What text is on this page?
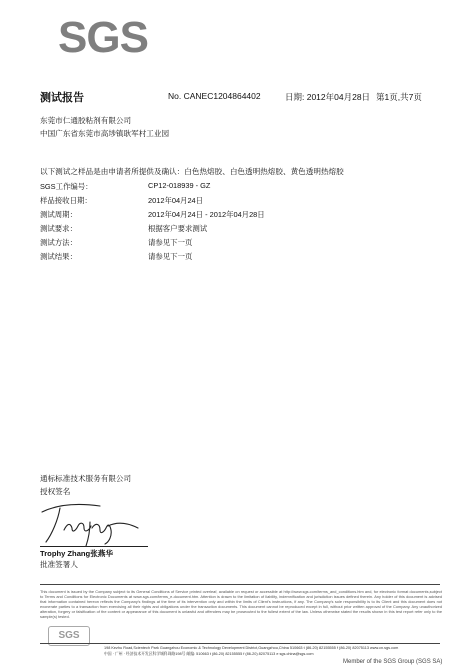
SGS
测试报告	No. CANEC1204864402	日期: 2012年04月28日 第1页,共7页
东莞市仁通胶粘剂有限公司
中国广东省东莞市高埗镇耿军村工业园
以下测试之样品是由申请者所提供及确认：白色热熔胶、白色透明热熔胶、黄色透明热熔胶
SGS工作编号：	CP12-018939 - GZ
样品接收日期：	2012年04月24日
测试周期：	2012年04月24日 - 2012年04月28日
测试要求：	根据客户要求测试
测试方法：	请参见下一页
测试结果：	请参见下一页
通标标准技术服务有限公司
授权签名
Trophy Zhang张燕华
批准签署人
This document is issued by the Company subject to its General Conditions of Service printed overleaf, available on request or accessible at http://www.sgs.com/terms_and_conditions.htm and, for electronic format documents,subject to Terms and Conditions for Electronic Documents at www.sgs.com/terms_e-document.htm. Attention is drawn to the limitation of liability, indemnification and jurisdiction issues defined therein. Any holder of this document is advised that information contained hereon reflects the Company's findings at the time of its intervention only and within the limits of Client's instructions, if any. The Company's sole responsibility is to its Client and this document does not exonerate parties to a transaction from exercising all their rights and obligations under the transaction documents. This document cannot be reproduced except in full, without prior written approval of the Company. Any unauthorized alteration, forgery or falsification of the content or appearance of this document is unlawful and offenders may be prosecuted to the fullest extent of the law. Unless otherwise stated the results shown in this test report refer only to the sample(s) tested.
SGS
198 Kezhu Road,Scientech Park Guangzhou Economic & Technology Development District,Guangzhou,China 510663 t (86-20) 82155555 f (86-20) 82075113 www.cn.sgs.com
中国 · 广州 · 经济技术开发区科学城科珠路198号 邮编: 510663 t (86-20) 82155555 f (86-20) 82075113 e sgs.china@sgs.com
Member of the SGS Group (SGS SA)
